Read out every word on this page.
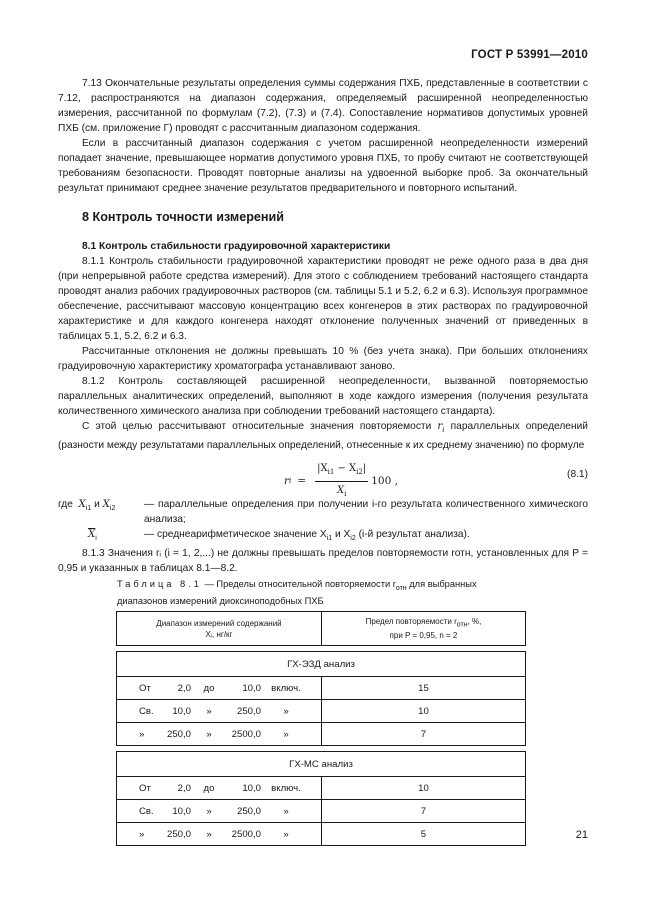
ГОСТ Р 53991—2010

7.13 Окончательные результаты определения суммы содержания ПХБ, представленные в соответствии с 7.12, распространяются на диапазон содержания, определяемый расширенной неопределенностью измерения, рассчитанной по формулам (7.2), (7.3) и (7.4). Сопоставление нормативов допустимых уровней ПХБ (см. приложение Г) проводят с рассчитанным диапазоном содержания.

Если в рассчитанный диапазон содержания с учетом расширенной неопределенности измерений попадает значение, превышающее норматив допустимого уровня ПХБ, то пробу считают не соответствующей требованиям безопасности. Проводят повторные анализы на удвоенной выборке проб. За окончательный результат принимают среднее значение результатов предварительного и повторного испытаний.

8 Контроль точности измерений
8.1 Контроль стабильности градуировочной характеристики

8.1.1 Контроль стабильности градуировочной характеристики проводят не реже одного раза в два дня (при непрерывной работе средства измерений). Для этого с соблюдением требований настоящего стандарта проводят анализ рабочих градуировочных растворов (см. таблицы 5.1 и 5.2, 6.2 и 6.3). Используя программное обеспечение, рассчитывают массовую концентрацию всех конгенеров в этих растворах по градуировочной характеристике и для каждого конгенера находят отклонение полученных значений от приведенных в таблицах 5.1, 5.2, 6.2 и 6.3.

Рассчитанные отклонения не должны превышать 10 % (без учета знака). При больших отклонениях градуировочную характеристику хроматографа устанавливают заново.

8.1.2 Контроль составляющей расширенной неопределенности, вызванной повторяемостью параллельных аналитических определений, выполняют в ходе каждого измерения (получения результата количественного химического анализа при соблюдении требований настоящего стандарта).

С этой целью рассчитывают относительные значения повторяемости $r_i$ параллельных определений (разности между результатами параллельных определений, отнесенные к их среднему значению) по формуле

r $i = \frac{|X_{i1} - X_{i2}|}{X_i} 100$ ,
(8.1)
где $X_{i1}$ и $X_{i2}$	— параллельные определения при получении i-го результата количественного химического анализа;
$\overline{X}_i$	— среднеарифметическое значение $X_{i1}$ и $X_{i2}$ (i-й результат анализа).

8.1.3 Значения rᵢ (i = 1, 2,...) не должны превышать пределов повторяемости rотн, установленных для P = 0,95 и указанных в таблицах 8.1—8.2.

Таблица 8.1 — Пределы относительной повторяемости $r_{отн}$ для выбранных диапазонов измерений диоксиноподобных ПХБ
Диапазон измерений содержаний
Xᵢ, нг/кг	Предел повторяемости $r_{отн}$, %,
при P = 0,95, n = 2

ГХ-ЭЗД анализ	

От 2,0 до 10,0 включ.	15

Св. 10,0 » 250,0 »	10

» 250,0 » 2500,0 »	7

ГХ-МС анализ	

От 2,0 до 10,0 включ.	10

Св. 10,0 » 250,0 »	7

» 250,0 » 2500,0 »	5	21
